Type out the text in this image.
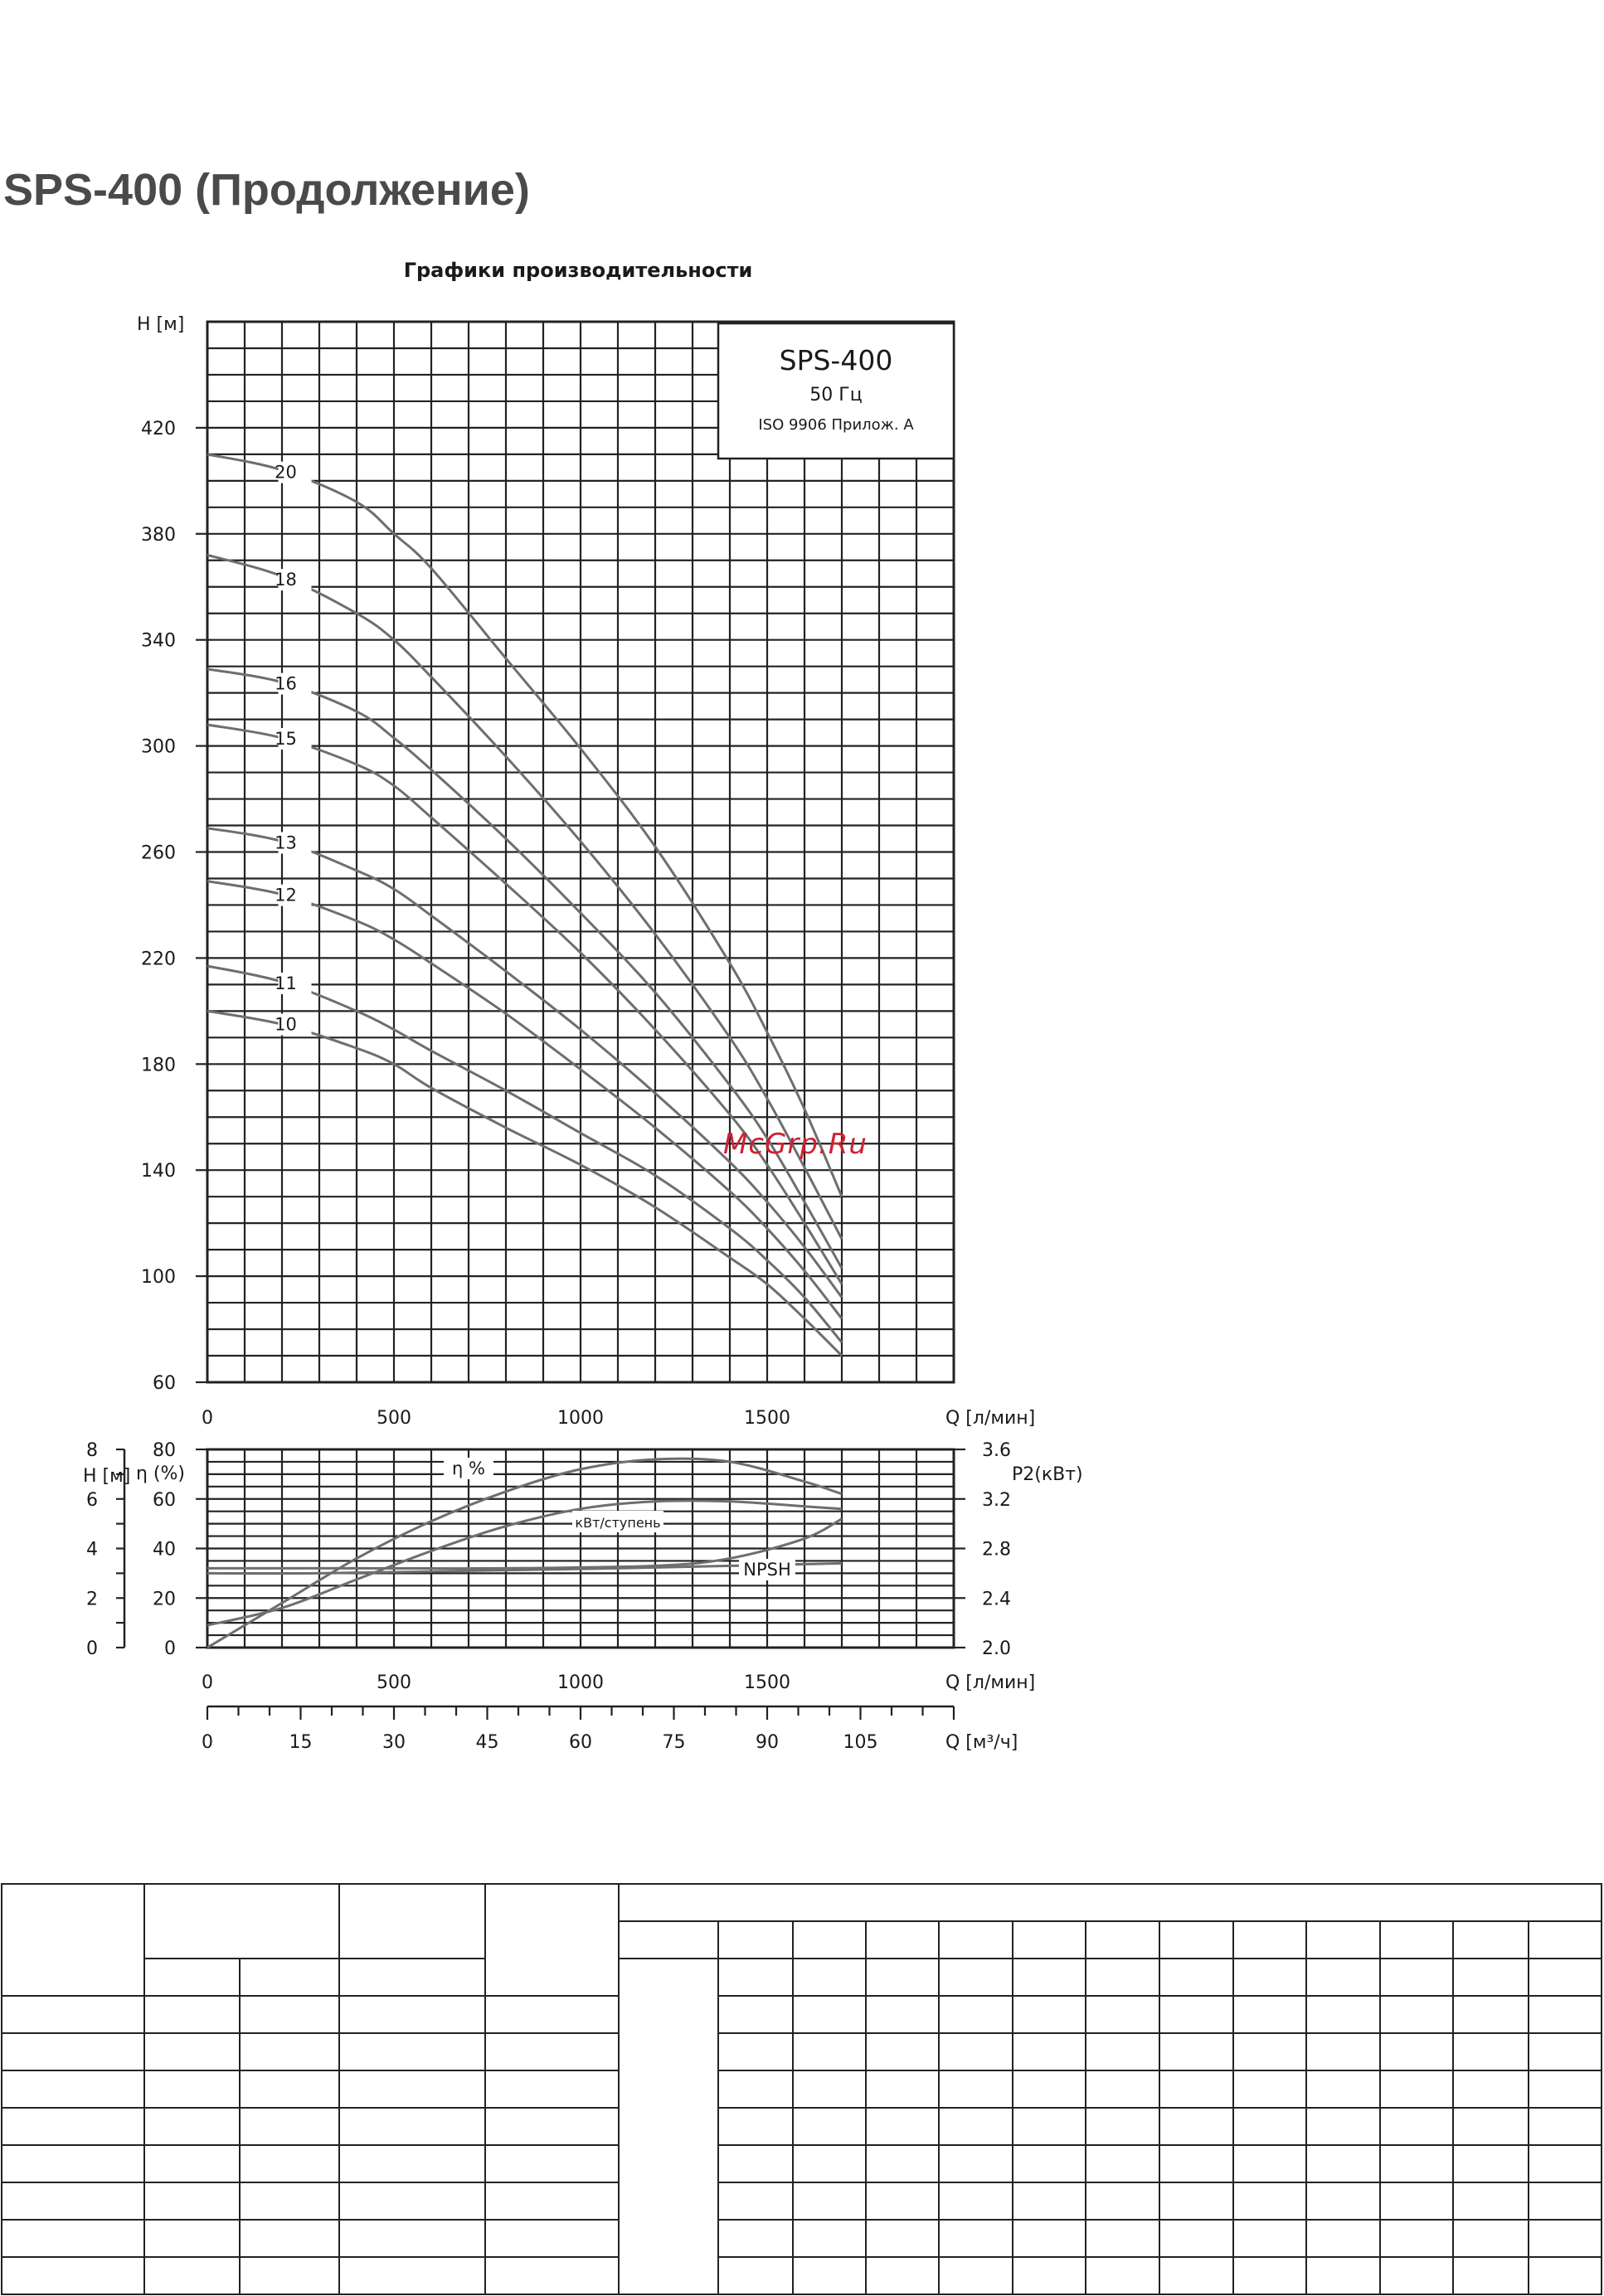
SPS-400 (Продолжение)
SPS-400
50 Гц
ISO 9906 Прилож. А
Графики производительности
H [м]
60
100
140
180
220
260
300
340
380
420
0	500	1000	1500	Q [л/мин]
20
18
16
15
13
12
11
10
0
2
4
6
8
H [м]
0
20
40
60
80
η (%)
2.0
2.4
2.8
3.2
3.6
P2(кВт)
0	500	1000	1500	Q [л/мин]
η %
кВт/ступень
NPSH
0	15	30	45	60	75	90	105	Q [м³/ч]
McGrp.Ru
